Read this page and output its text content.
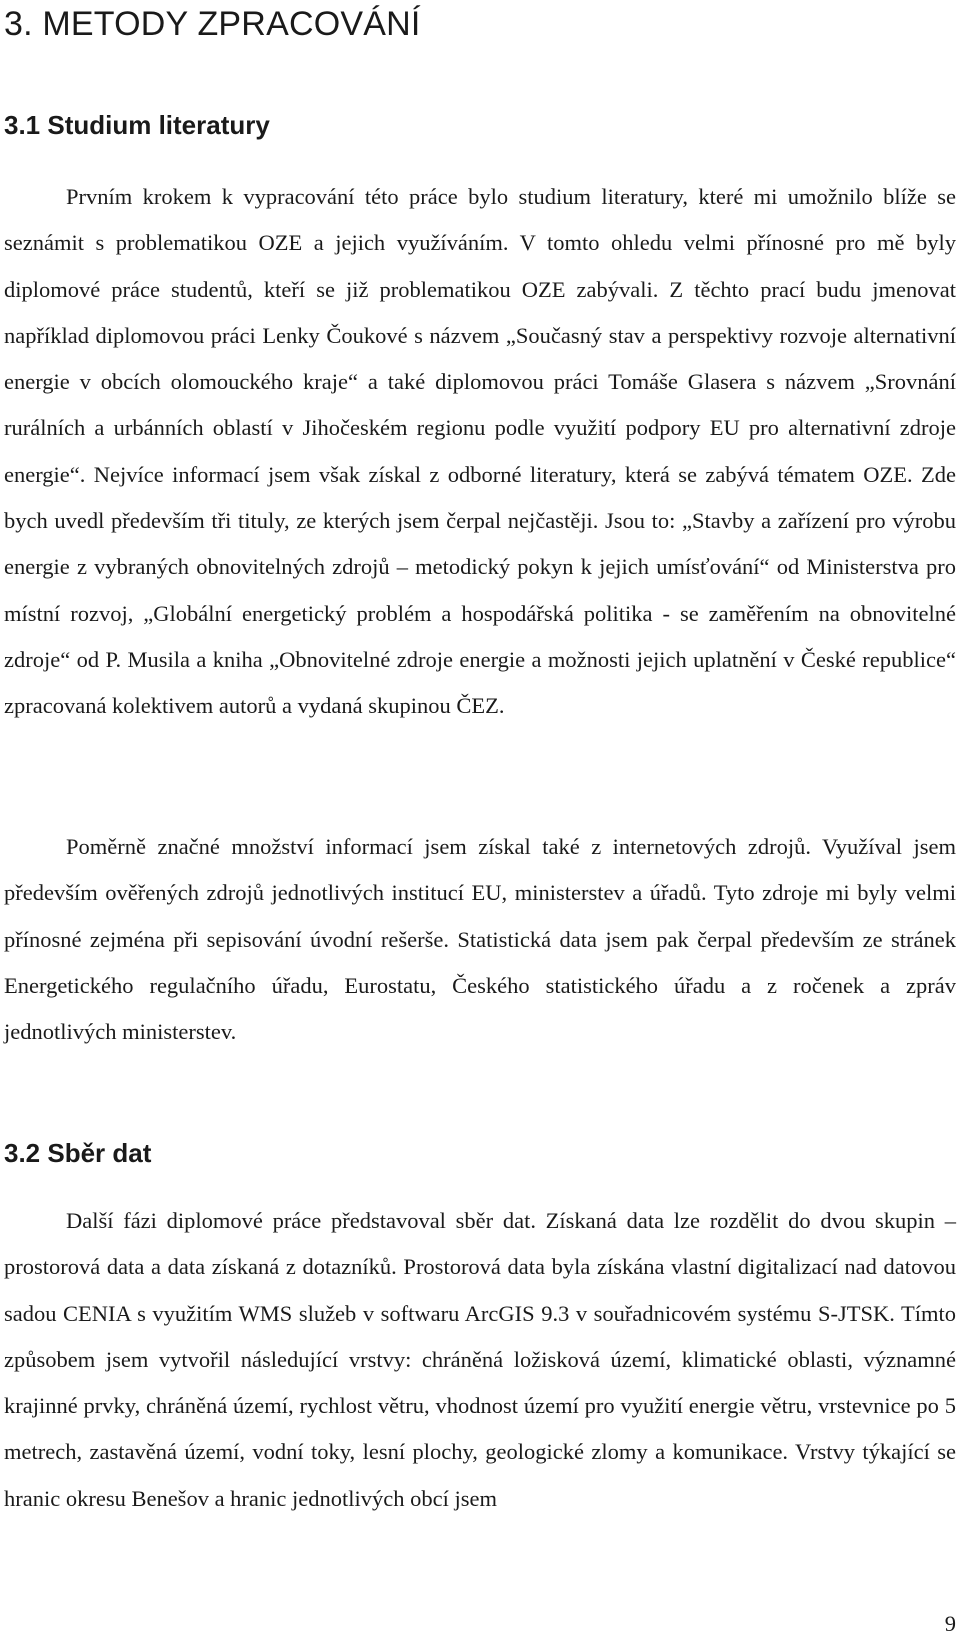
3. METODY ZPRACOVÁNÍ
3.1 Studium literatury

Prvním krokem k vypracování této práce bylo studium literatury, které mi umožnilo blíže se seznámit s problematikou OZE a jejich využíváním. V tomto ohledu velmi přínosné pro mě byly diplomové práce studentů, kteří se již problematikou OZE zabývali. Z těchto prací budu jmenovat například diplomovou práci Lenky Čoukové s názvem „Současný stav a perspektivy rozvoje alternativní energie v obcích olomouckého kraje“ a také diplomovou práci Tomáše Glasera s názvem „Srovnání rurálních a urbánních oblastí v Jihočeském regionu podle využití podpory EU pro alternativní zdroje energie“. Nejvíce informací jsem však získal z odborné literatury, která se zabývá tématem OZE. Zde bych uvedl především tři tituly, ze kterých jsem čerpal nejčastěji. Jsou to: „Stavby a zařízení pro výrobu energie z vybraných obnovitelných zdrojů – metodický pokyn k jejich umísťování“ od Ministerstva pro místní rozvoj, „Globální energetický problém a hospodářská politika - se zaměřením na obnovitelné zdroje“ od P. Musila a kniha „Obnovitelné zdroje energie a možnosti jejich uplatnění v České republice“ zpracovaná kolektivem autorů a vydaná skupinou ČEZ.

Poměrně značné množství informací jsem získal také z internetových zdrojů. Využíval jsem především ověřených zdrojů jednotlivých institucí EU, ministerstev a úřadů. Tyto zdroje mi byly velmi přínosné zejména při sepisování úvodní rešerše. Statistická data jsem pak čerpal především ze stránek Energetického regulačního úřadu, Eurostatu, Českého statistického úřadu a z ročenek a zpráv jednotlivých ministerstev.

3.2 Sběr dat

Další fázi diplomové práce představoval sběr dat. Získaná data lze rozdělit do dvou skupin – prostorová data a data získaná z dotazníků. Prostorová data byla získána vlastní digitalizací nad datovou sadou CENIA s využitím WMS služeb v softwaru ArcGIS 9.3 v souřadnicovém systému S-JTSK. Tímto způsobem jsem vytvořil následující vrstvy: chráněná ložisková území, klimatické oblasti, významné krajinné prvky, chráněná území, rychlost větru, vhodnost území pro využití energie větru, vrstevnice po 5 metrech, zastavěná území, vodní toky, lesní plochy, geologické zlomy a komunikace. Vrstvy týkající se hranic okresu Benešov a hranic jednotlivých obcí jsem

9
